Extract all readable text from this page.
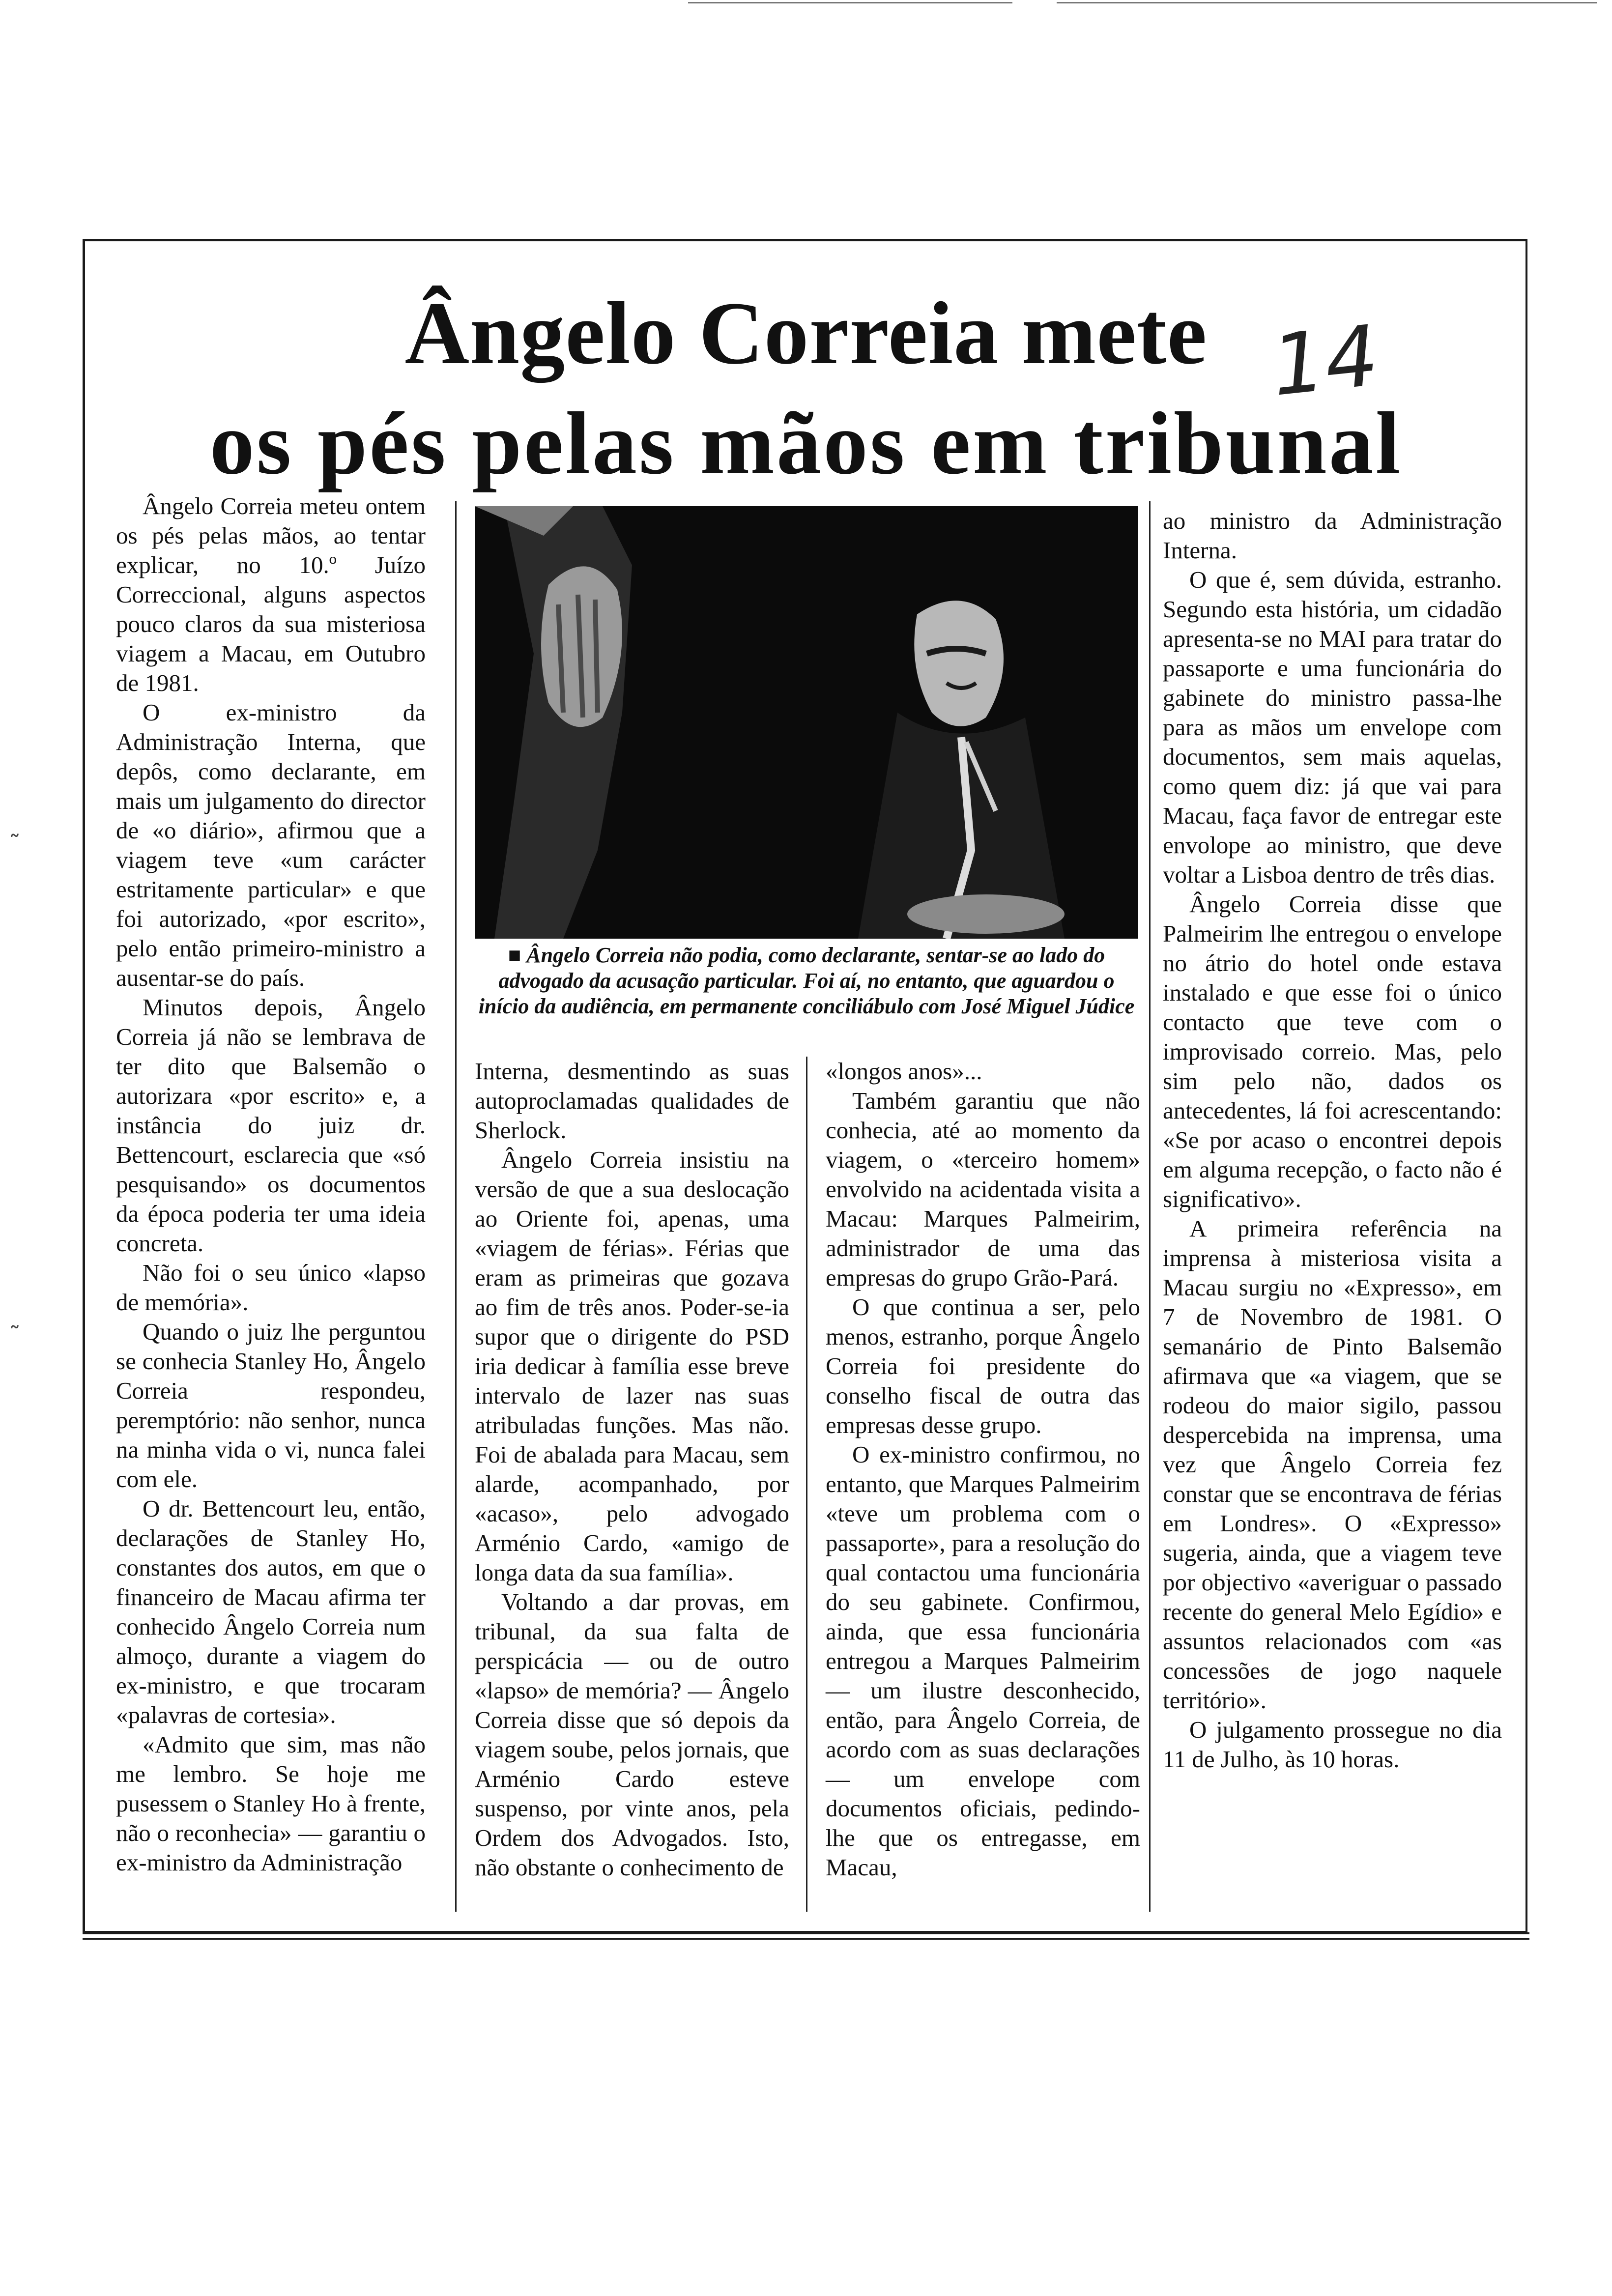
Ângelo Correia mete
os pés pelas mãos em tribunal
14
˜
˜

Ângelo Correia meteu ontem os pés pelas mãos, ao tentar explicar, no 10.º Juízo Correccional, alguns aspectos pouco claros da sua misteriosa viagem a Macau, em Outubro de 1981.

O ex-ministro da Administração Interna, que depôs, como declarante, em mais um julgamento do director de «o diário», afirmou que a viagem teve «um carácter estritamente particular» e que foi autorizado, «por escrito», pelo então primeiro-ministro a ausentar-se do país.

Minutos depois, Ângelo Correia já não se lembrava de ter dito que Balsemão o autorizara «por escrito» e, a instância do juiz dr. Bettencourt, esclarecia que «só pesquisando» os documentos da época poderia ter uma ideia concreta.

Não foi o seu único «lapso de memória».

Quando o juiz lhe perguntou se conhecia Stanley Ho, Ângelo Correia respondeu, peremptório: não senhor, nunca na minha vida o vi, nunca falei com ele.

O dr. Bettencourt leu, então, declarações de Stanley Ho, constantes dos autos, em que o financeiro de Macau afirma ter conhecido Ângelo Correia num almoço, durante a viagem do ex-ministro, e que trocaram «palavras de cortesia».

«Admito que sim, mas não me lembro. Se hoje me pusessem o Stanley Ho à frente, não o reconhecia» — garantiu o ex-ministro da Administração

■ Ângelo Correia não podia, como declarante, sentar-se ao lado do advogado da acusação particular. Foi aí, no entanto, que aguardou o início da audiência, em permanente conciliábulo com José Miguel Júdice

Interna, desmentindo as suas autoproclamadas qualidades de Sherlock.

Ângelo Correia insistiu na versão de que a sua deslocação ao Oriente foi, apenas, uma «viagem de férias». Férias que eram as primeiras que gozava ao fim de três anos. Poder-se-ia supor que o dirigente do PSD iria dedicar à família esse breve intervalo de lazer nas suas atribuladas funções. Mas não. Foi de abalada para Macau, sem alarde, acompanhado, por «acaso», pelo advogado Arménio Cardo, «amigo de longa data da sua família».

Voltando a dar provas, em tribunal, da sua falta de perspicácia — ou de outro «lapso» de memória? — Ângelo Correia disse que só depois da viagem soube, pelos jornais, que Arménio Cardo esteve suspenso, por vinte anos, pela Ordem dos Advogados. Isto, não obstante o conhecimento de

«longos anos»...

Também garantiu que não conhecia, até ao momento da viagem, o «terceiro homem» envolvido na acidentada visita a Macau: Marques Palmeirim, administrador de uma das empresas do grupo Grão-Pará.

O que continua a ser, pelo menos, estranho, porque Ângelo Correia foi presidente do conselho fiscal de outra das empresas desse grupo.

O ex-ministro confirmou, no entanto, que Marques Palmeirim «teve um problema com o passaporte», para a resolução do qual contactou uma funcionária do seu gabinete. Confirmou, ainda, que essa funcionária entregou a Marques Palmeirim — um ilustre desconhecido, então, para Ângelo Correia, de acordo com as suas declarações — um envelope com documentos oficiais, pedindo-lhe que os entregasse, em Macau,

ao ministro da Administração Interna.

O que é, sem dúvida, estranho. Segundo esta história, um cidadão apresenta-se no MAI para tratar do passaporte e uma funcionária do gabinete do ministro passa-lhe para as mãos um envelope com documentos, sem mais aquelas, como quem diz: já que vai para Macau, faça favor de entregar este envolope ao ministro, que deve voltar a Lisboa dentro de três dias.

Ângelo Correia disse que Palmeirim lhe entregou o envelope no átrio do hotel onde estava instalado e que esse foi o único contacto que teve com o improvisado correio. Mas, pelo sim pelo não, dados os antecedentes, lá foi acrescentando: «Se por acaso o encontrei depois em alguma recepção, o facto não é significativo».

A primeira referência na imprensa à misteriosa visita a Macau surgiu no «Expresso», em 7 de Novembro de 1981. O semanário de Pinto Balsemão afirmava que «a viagem, que se rodeou do maior sigilo, passou despercebida na imprensa, uma vez que Ângelo Correia fez constar que se encontrava de férias em Londres». O «Expresso» sugeria, ainda, que a viagem teve por objectivo «averiguar o passado recente do general Melo Egídio» e assuntos relacionados com «as concessões de jogo naquele território».

O julgamento prossegue no dia 11 de Julho, às 10 horas.
